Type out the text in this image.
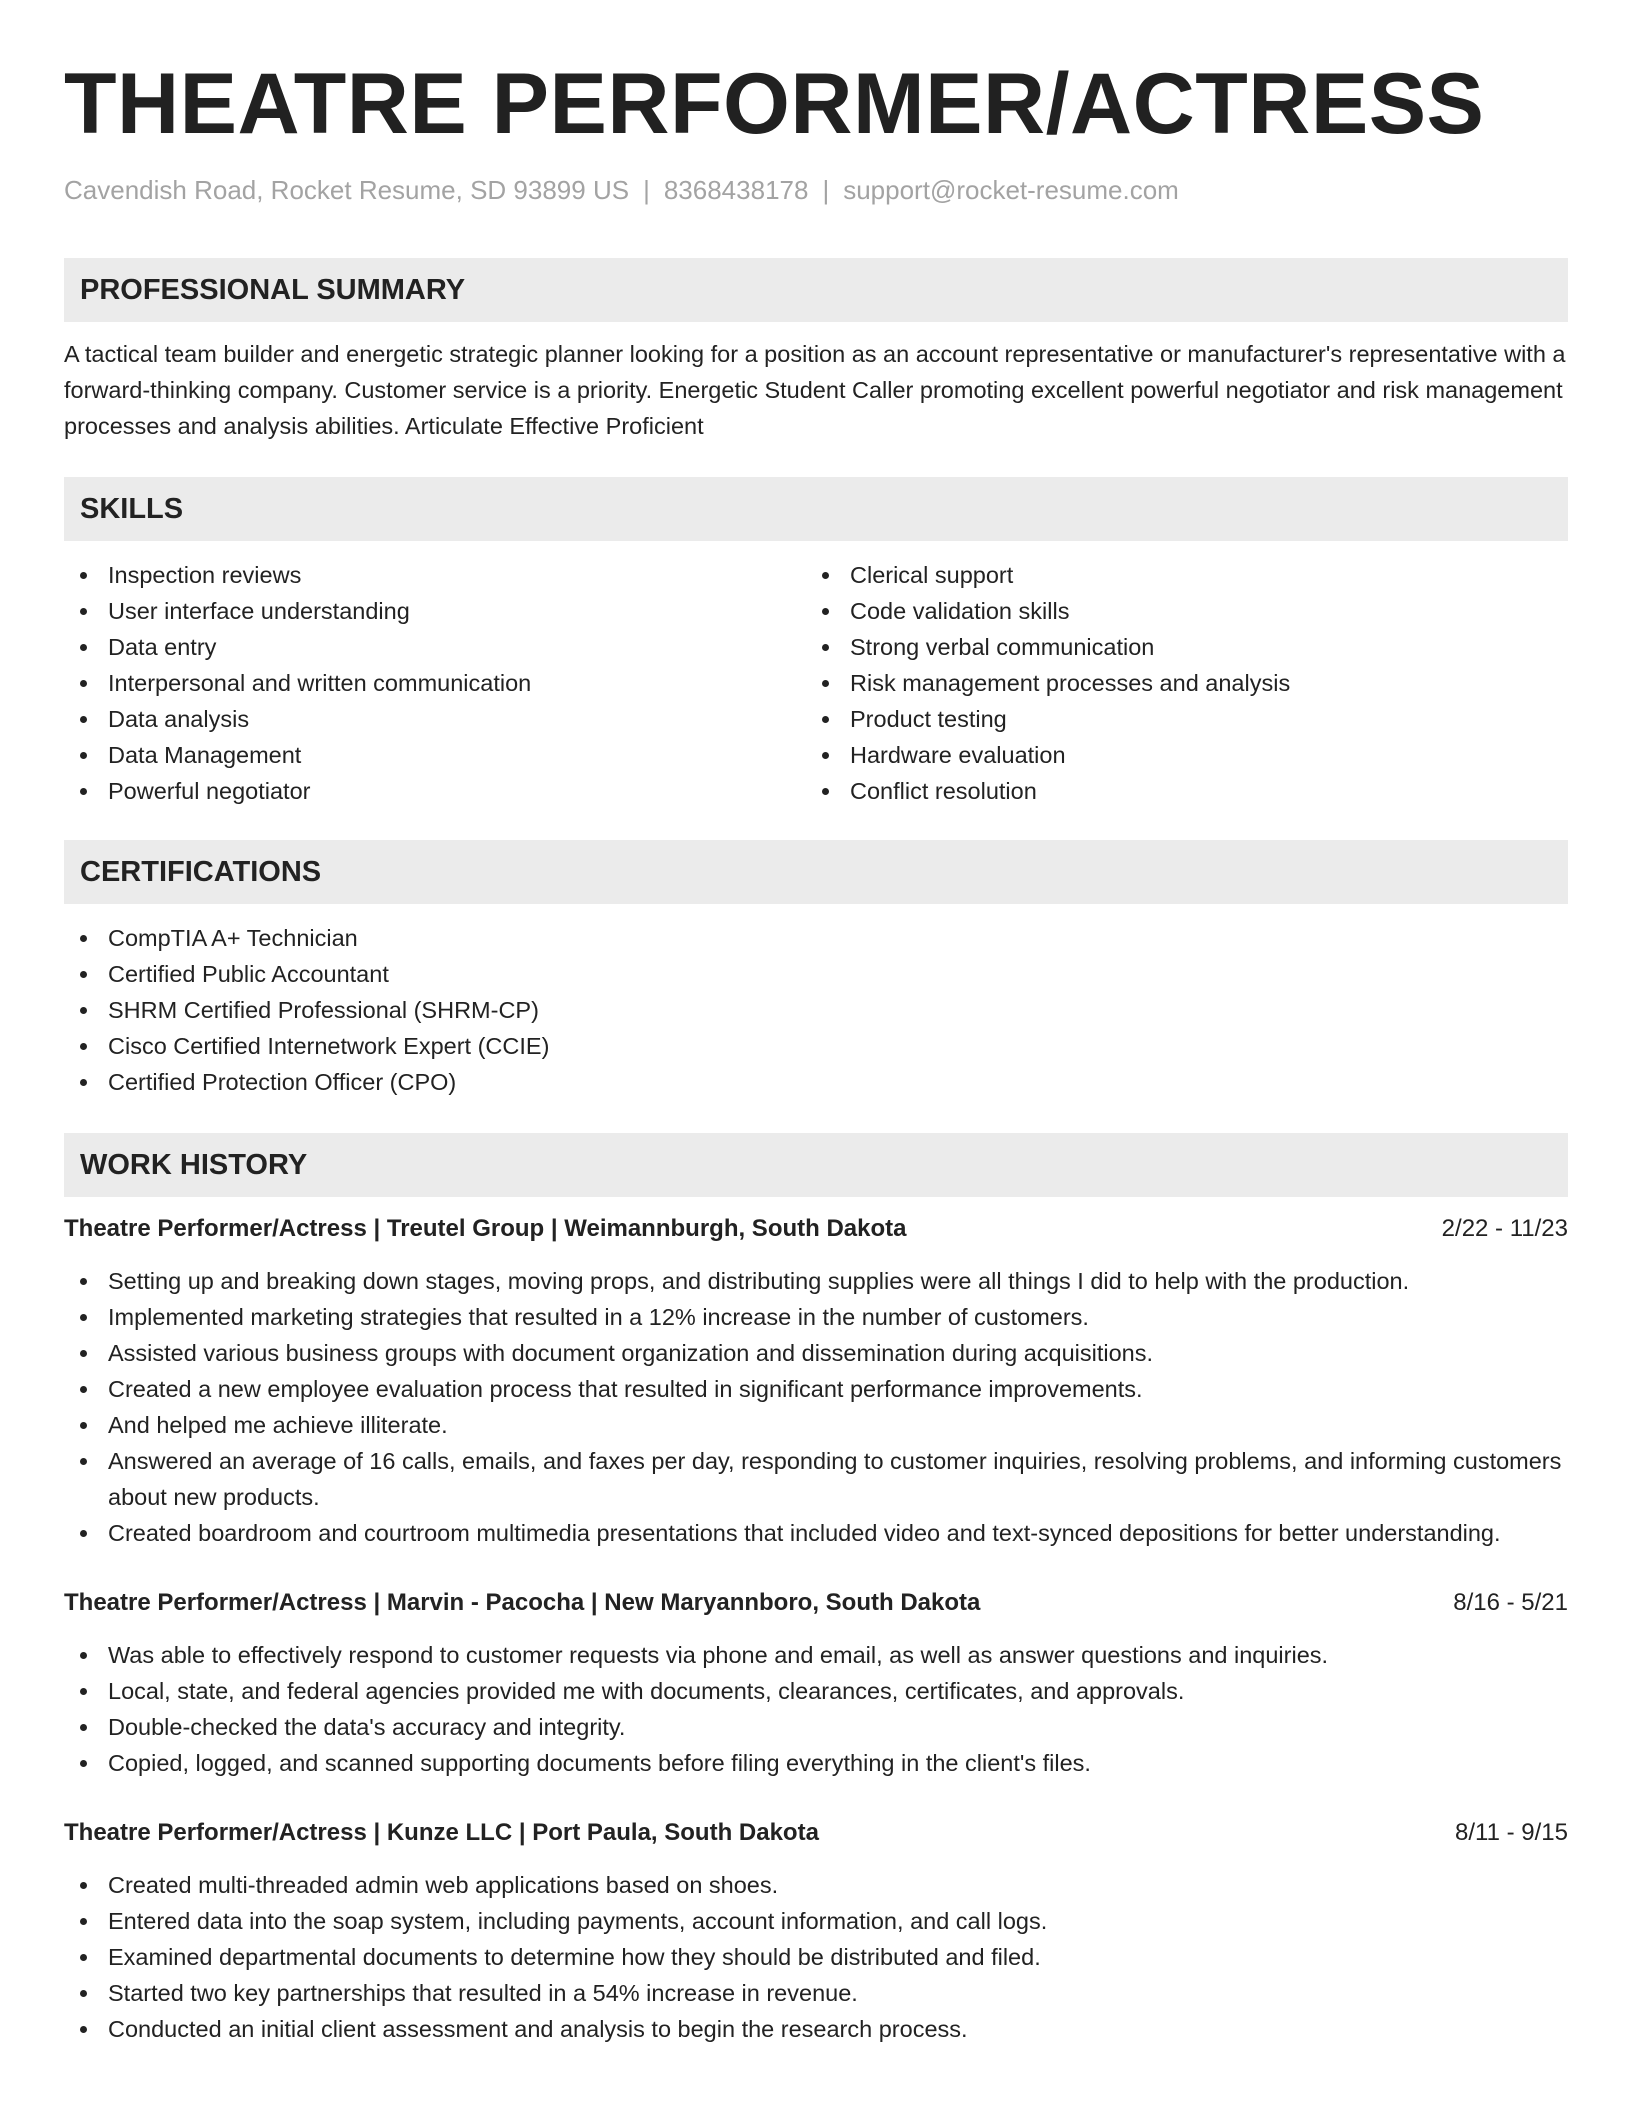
THEATRE PERFORMER/ACTRESS
Cavendish Road, Rocket Resume, SD 93899 US | 8368438178 | support@rocket-resume.com
PROFESSIONAL SUMMARY

A tactical team builder and energetic strategic planner looking for a position as an account representative or manufacturer's representative with a forward-thinking company. Customer service is a priority. Energetic Student Caller promoting excellent powerful negotiator and risk management processes and analysis abilities. Articulate Effective Proficient

SKILLS
Inspection reviews
User interface understanding
Data entry
Interpersonal and written communication
Data analysis
Data Management
Powerful negotiator
Clerical support
Code validation skills
Strong verbal communication
Risk management processes and analysis
Product testing
Hardware evaluation
Conflict resolution
CERTIFICATIONS
CompTIA A+ Technician
Certified Public Accountant
SHRM Certified Professional (SHRM-CP)
Cisco Certified Internetwork Expert (CCIE)
Certified Protection Officer (CPO)
WORK HISTORY
Theatre Performer/Actress | Treutel Group | Weimannburgh, South Dakota	2/22 - 11/23
Setting up and breaking down stages, moving props, and distributing supplies were all things I did to help with the production.
Implemented marketing strategies that resulted in a 12% increase in the number of customers.
Assisted various business groups with document organization and dissemination during acquisitions.
Created a new employee evaluation process that resulted in significant performance improvements.
And helped me achieve illiterate.
Answered an average of 16 calls, emails, and faxes per day, responding to customer inquiries, resolving problems, and informing customers about new products.
Created boardroom and courtroom multimedia presentations that included video and text-synced depositions for better understanding.
Theatre Performer/Actress | Marvin - Pacocha | New Maryannboro, South Dakota	8/16 - 5/21
Was able to effectively respond to customer requests via phone and email, as well as answer questions and inquiries.
Local, state, and federal agencies provided me with documents, clearances, certificates, and approvals.
Double-checked the data's accuracy and integrity.
Copied, logged, and scanned supporting documents before filing everything in the client's files.
Theatre Performer/Actress | Kunze LLC | Port Paula, South Dakota	8/11 - 9/15
Created multi-threaded admin web applications based on shoes.
Entered data into the soap system, including payments, account information, and call logs.
Examined departmental documents to determine how they should be distributed and filed.
Started two key partnerships that resulted in a 54% increase in revenue.
Conducted an initial client assessment and analysis to begin the research process.
